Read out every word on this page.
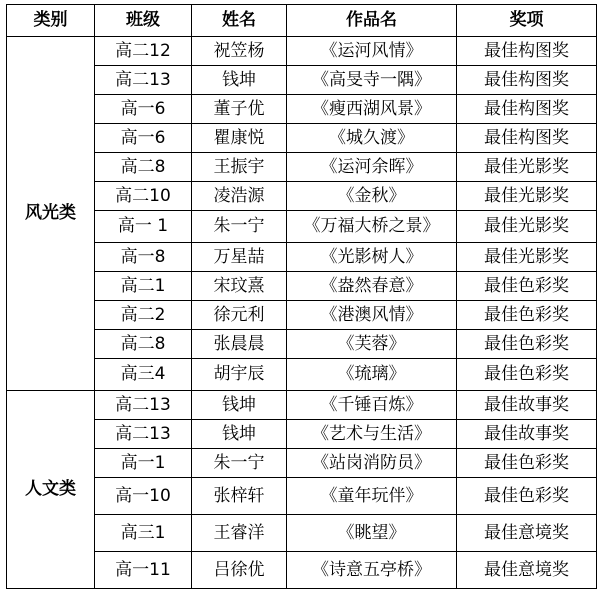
类别	班级	姓名	作品名	奖项
风光类	高二12	祝笠杨	《运河风情》	最佳构图奖
	高二13	钱坤	《高旻寺一隅》	最佳构图奖
	高一6	董子优	《瘦西湖风景》	最佳构图奖
	高一6	瞿康悦	《城久渡》	最佳构图奖
	高二8	王振宇	《运河余晖》	最佳光影奖
	高二10	凌浩源	《金秋》	最佳光影奖
	高一 1	朱一宁	《万福大桥之景》	最佳光影奖
	高一8	万星喆	《光影树人》	最佳光影奖
	高二1	宋玟熹	《盎然春意》	最佳色彩奖
	高二2	徐元利	《港澳风情》	最佳色彩奖
	高二8	张晨晨	《芙蓉》	最佳色彩奖
	高三4	胡宇辰	《琉璃》	最佳色彩奖
人文类	高二13	钱坤	《千锤百炼》	最佳故事奖
	高二13	钱坤	《艺术与生活》	最佳故事奖
	高一1	朱一宁	《站岗消防员》	最佳色彩奖
	高一10	张梓轩	《童年玩伴》	最佳色彩奖
	高三1	王睿洋	《眺望》	最佳意境奖
	高一11	吕徐优	《诗意五亭桥》	最佳意境奖
